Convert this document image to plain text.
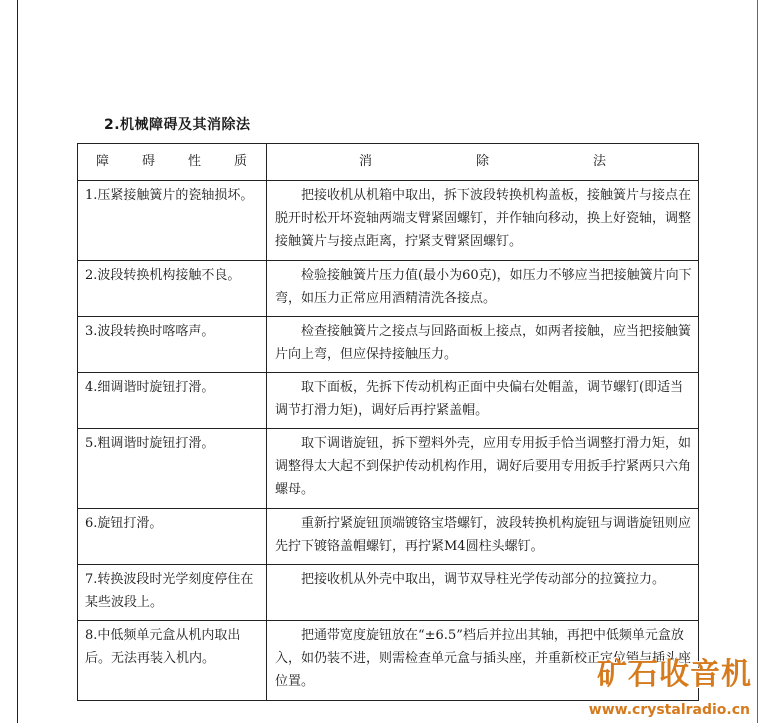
2.机械障碍及其消除法
障 碍 性 质	消 除 法

1.压紧接触簧片的瓷轴损坏。	把接收机从机箱中取出，拆下波段转换机构盖板，接触簧片与接点在脱开时松开坏瓷轴两端支臂紧固螺钉，并作轴向移动，换上好瓷轴，调整接触簧片与接点距离，拧紧支臂紧固螺钉。
2.波段转换机构接触不良。	检验接触簧片压力值(最小为60克)，如压力不够应当把接触簧片向下弯，如压力正常应用酒精清洗各接点。
3.波段转换时喀喀声。	检查接触簧片之接点与回路面板上接点，如两者接触，应当把接触簧片向上弯，但应保持接触压力。
4.细调谐时旋钮打滑。	取下面板，先拆下传动机构正面中央偏右处帽盖，调节螺钉(即适当调节打滑力矩)，调好后再拧紧盖帽。
5.粗调谐时旋钮打滑。	取下调谐旋钮，拆下塑料外壳，应用专用扳手恰当调整打滑力矩，如调整得太大起不到保护传动机构作用，调好后要用专用扳手拧紧两只六角螺母。
6.旋钮打滑。	重新拧紧旋钮顶端镀铬宝塔螺钉，波段转换机构旋钮与调谐旋钮则应先拧下镀铬盖帽螺钉，再拧紧M4圆柱头螺钉。
7.转换波段时光学刻度停住在某些波段上。	把接收机从外壳中取出，调节双导柱光学传动部分的拉簧拉力。
8.中低频单元盒从机内取出后。无法再装入机内。	把通带宽度旋钮放在“±6.5”档后并拉出其轴，再把中低频单元盒放入，如仍装不进，则需检查单元盒与插头座，并重新校正定位销与插头座位置。	矿石收音机
www.crystalradio.cn
